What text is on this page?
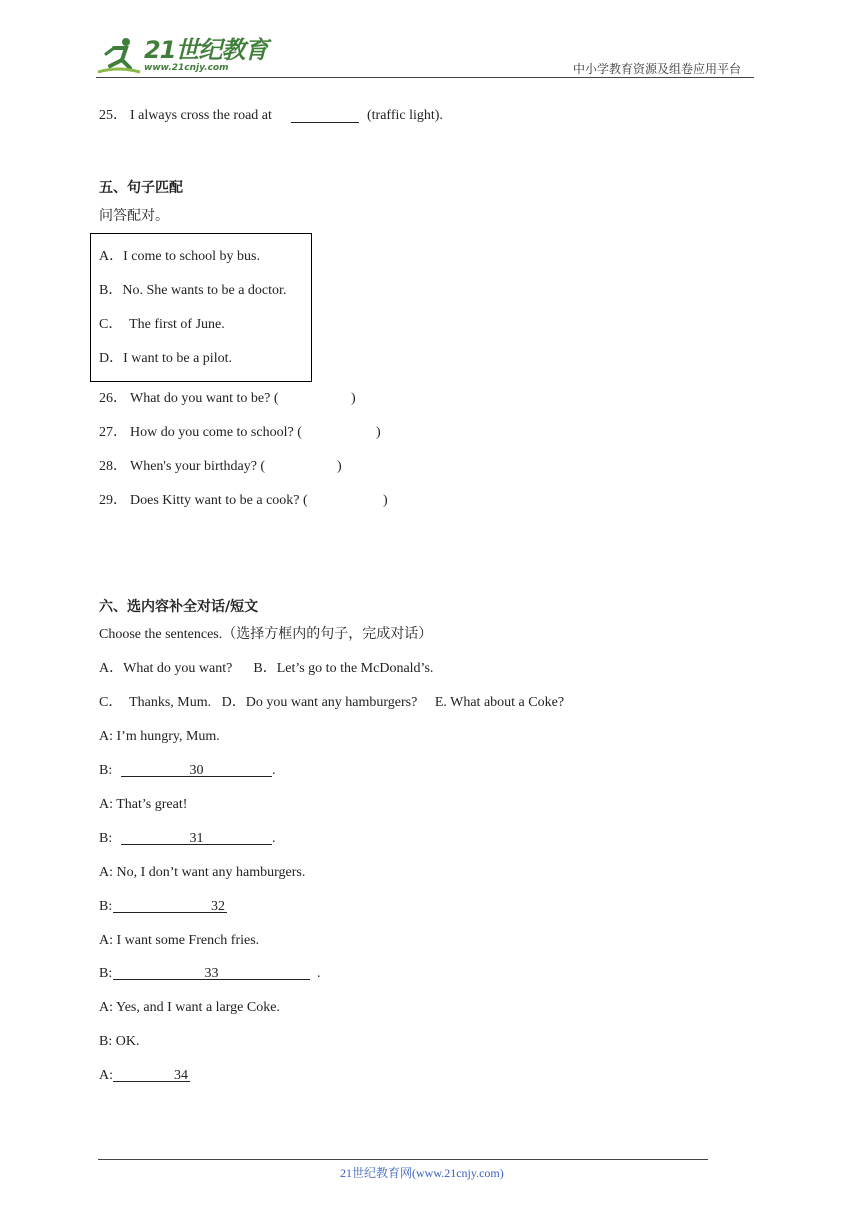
21世纪教育
www.21cnjy.com	中小学教育资源及组卷应用平台
25． I always cross the road at	(traffic light).
五、句子匹配
问答配对。
A．I come to school by bus.
B．No. She wants to be a doctor.
C．  The first of June.
D．I want to be a pilot.
26． What do you want to be? (	)
27． How do you come to school? (	)
28． When's your birthday? (	)
29． Does Kitty want to be a cook? (	)
六、选内容补全对话/短文
Choose the sentences.（选择方框内的句子，完成对话）
A．What do you want?      B．Let’s go to the McDonald’s.
C．  Thanks, Mum.   D．Do you want any hamburgers?     E. What about a Coke?
A: I’m hungry, Mum.
B:	30	.
A: That’s great!
B:	31	.
A: No, I don’t want any hamburgers.
B:	32
A: I want some French fries.
B:	33	.
A: Yes, and I want a large Coke.
B: OK.
A:	34
21世纪教育网(www.21cnjy.com)
